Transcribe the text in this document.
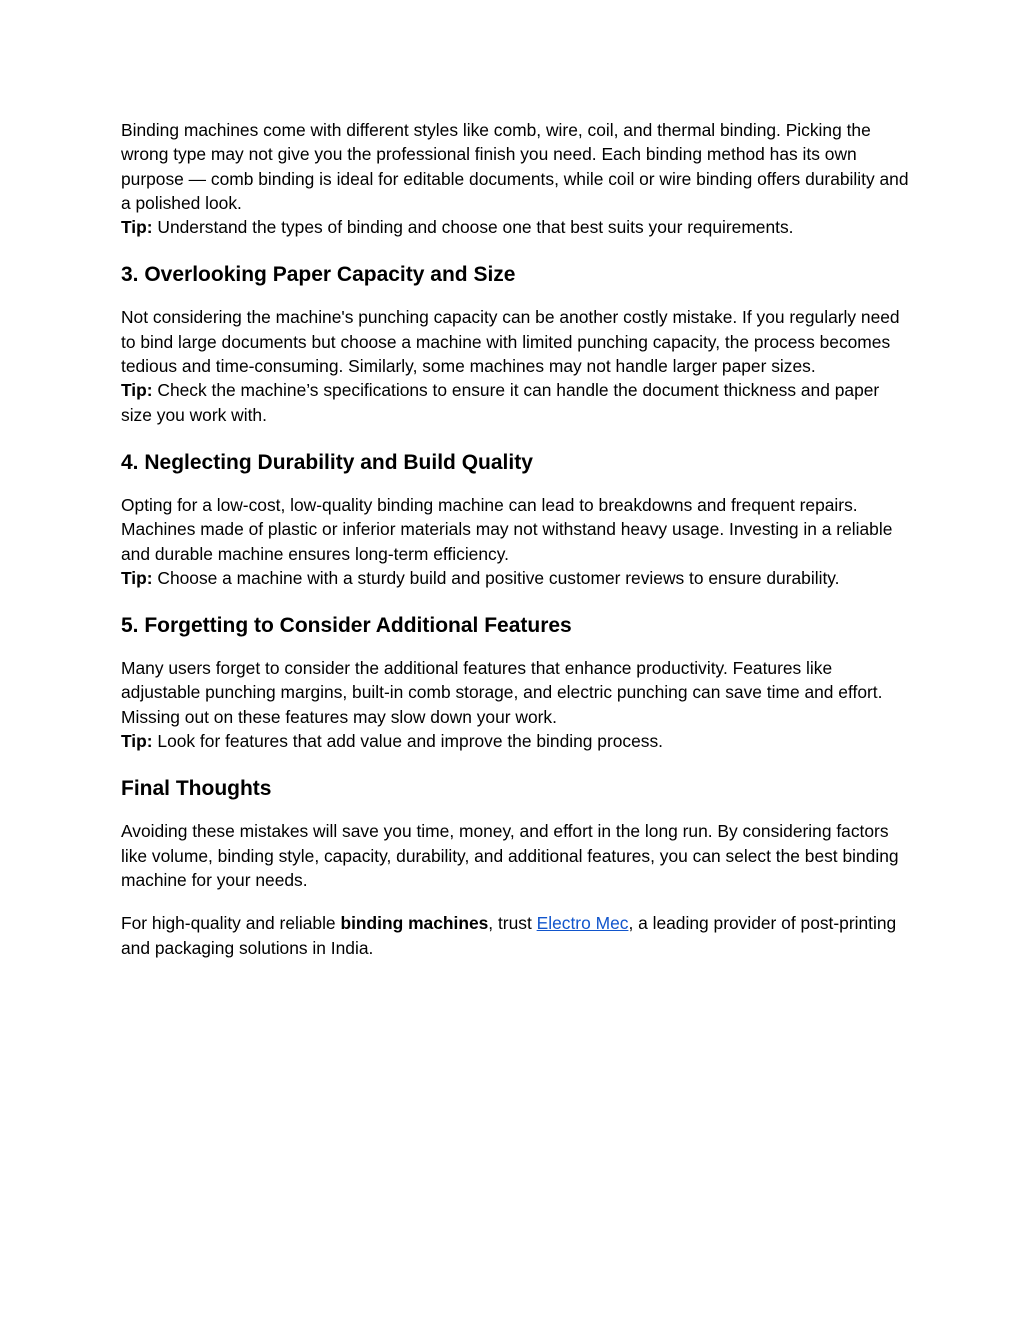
Binding machines come with different styles like comb, wire, coil, and thermal binding. Picking the wrong type may not give you the professional finish you need. Each binding method has its own purpose — comb binding is ideal for editable documents, while coil or wire binding offers durability and a polished look.
Tip: Understand the types of binding and choose one that best suits your requirements.

3. Overlooking Paper Capacity and Size

Not considering the machine's punching capacity can be another costly mistake. If you regularly need to bind large documents but choose a machine with limited punching capacity, the process becomes tedious and time-consuming. Similarly, some machines may not handle larger paper sizes.
Tip: Check the machine’s specifications to ensure it can handle the document thickness and paper size you work with.

4. Neglecting Durability and Build Quality

Opting for a low-cost, low-quality binding machine can lead to breakdowns and frequent repairs. Machines made of plastic or inferior materials may not withstand heavy usage. Investing in a reliable and durable machine ensures long-term efficiency.
Tip: Choose a machine with a sturdy build and positive customer reviews to ensure durability.

5. Forgetting to Consider Additional Features

Many users forget to consider the additional features that enhance productivity. Features like adjustable punching margins, built-in comb storage, and electric punching can save time and effort. Missing out on these features may slow down your work.
Tip: Look for features that add value and improve the binding process.

Final Thoughts

Avoiding these mistakes will save you time, money, and effort in the long run. By considering factors like volume, binding style, capacity, durability, and additional features, you can select the best binding machine for your needs.

For high-quality and reliable binding machines, trust Electro Mec, a leading provider of post-printing and packaging solutions in India.
